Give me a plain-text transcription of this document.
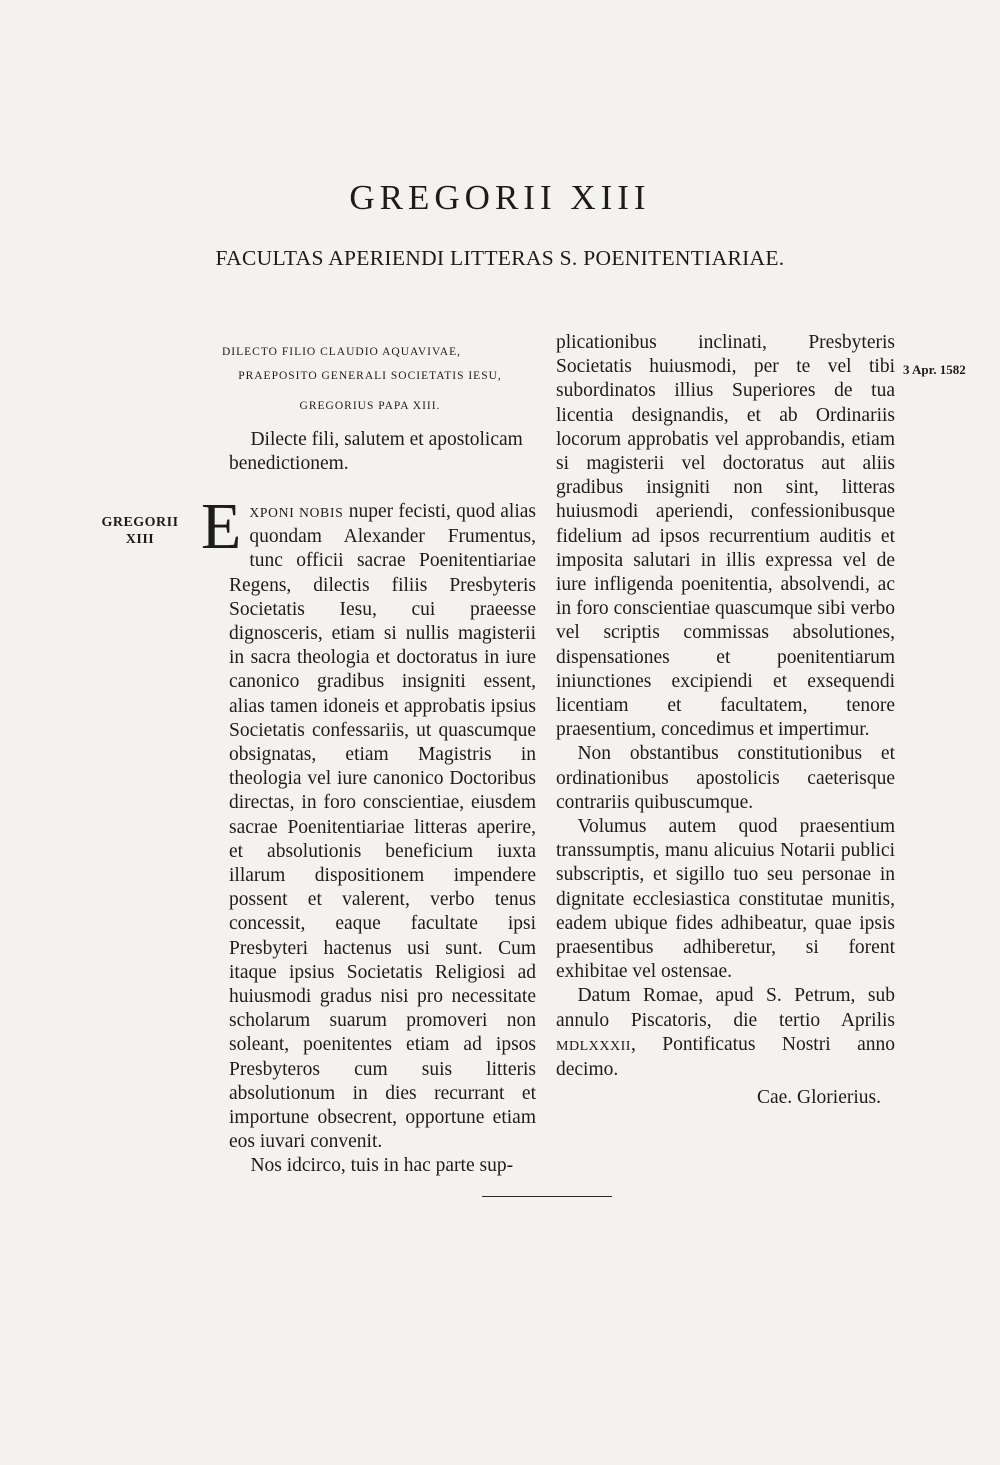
GREGORII XIII
FACULTAS APERIENDI LITTERAS S. POENITENTIARIAE.
GREGORII
XIII
3 Apr. 1582
DILECTO FILIO CLAUDIO AQUAVIVAE,
PRAEPOSITO GENERALI SOCIETATIS IESU,
GREGORIUS PAPA XIII.

Dilecte fili, salutem et apostolicam benedictionem.

EXPONI NOBIS nuper fecisti, quod alias quondam Alexander Frumentus, tunc officii sacrae Poenitentiariae Regens, dilectis filiis Presbyteris Societatis Iesu, cui praeesse dignosceris, etiam si nullis magisterii in sacra theologia et doctoratus in iure canonico gradibus insigniti essent, alias tamen idoneis et approbatis ipsius Societatis confessariis, ut quascumque obsignatas, etiam Magistris in theologia vel iure canonico Doctoribus directas, in foro conscientiae, eiusdem sacrae Poenitentiariae litteras aperire, et absolutionis beneficium iuxta illarum dispositionem impendere possent et valerent, verbo tenus concessit, eaque facultate ipsi Presbyteri hactenus usi sunt. Cum itaque ipsius Societatis Religiosi ad huiusmodi gradus nisi pro necessitate scholarum suarum promoveri non soleant, poenitentes etiam ad ipsos Presbyteros cum suis litteris absolutionum in dies recurrant et importune obsecrent, opportune etiam eos iuvari convenit.

Nos idcirco, tuis in hac parte sup-

plicationibus inclinati, Presbyteris Societatis huiusmodi, per te vel tibi subordinatos illius Superiores de tua licentia designandis, et ab Ordinariis locorum approbatis vel approbandis, etiam si magisterii vel doctoratus aut aliis gradibus insigniti non sint, litteras huiusmodi aperiendi, confessionibusque fidelium ad ipsos recurrentium auditis et imposita salutari in illis expressa vel de iure infligenda poenitentia, absolvendi, ac in foro conscientiae quascumque sibi verbo vel scriptis commissas absolutiones, dispensationes et poenitentiarum iniunctiones excipiendi et exsequendi licentiam et facultatem, tenore praesentium, concedimus et impertimur.

Non obstantibus constitutionibus et ordinationibus apostolicis caeterisque contrariis quibuscumque.

Volumus autem quod praesentium transsumptis, manu alicuius Notarii publici subscriptis, et sigillo tuo seu personae in dignitate ecclesiastica constitutae munitis, eadem ubique fides adhibeatur, quae ipsis praesentibus adhiberetur, si forent exhibitae vel ostensae.

Datum Romae, apud S. Petrum, sub annulo Piscatoris, die tertio Aprilis MDLXXXII, Pontificatus Nostri anno decimo.

Cae. Glorierius.
